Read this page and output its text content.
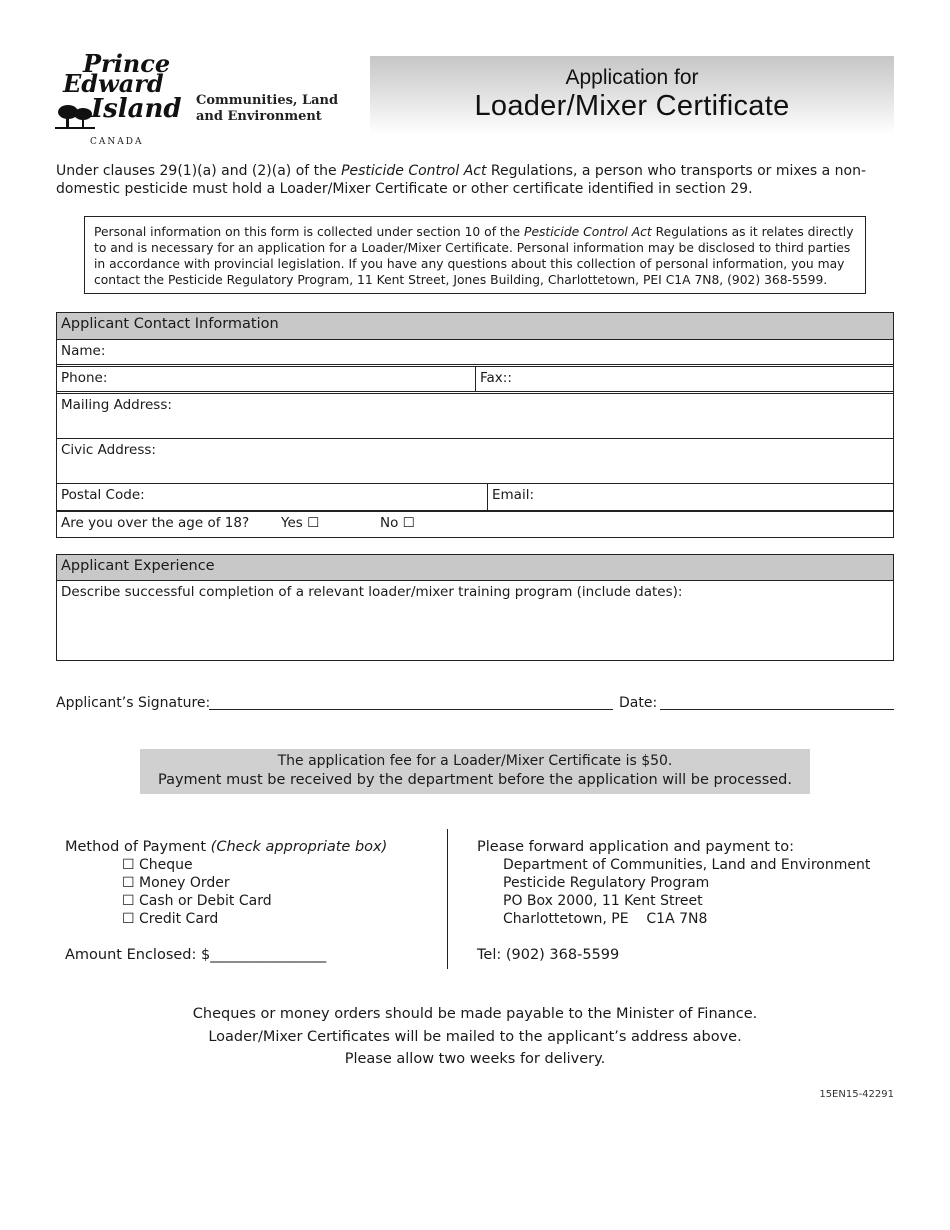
Prince
Edward
Island
CANADA
Communities, Land
and Environment
Application for
Loader/Mixer Certificate
Under clauses 29(1)(a) and (2)(a) of the Pesticide Control Act Regulations, a person who transports or mixes a non-domestic pesticide must hold a Loader/Mixer Certificate or other certificate identified in section 29.
Personal information on this form is collected under section 10 of the Pesticide Control Act Regulations as it relates directly to and is necessary for an application for a Loader/Mixer Certificate. Personal information may be disclosed to third parties in accordance with provincial legislation. If you have any questions about this collection of personal information, you may contact the Pesticide Regulatory Program, 11 Kent Street, Jones Building, Charlottetown, PEI C1A 7N8, (902) 368-5599.
Applicant Contact Information
Name:
Phone:	Fax::
Mailing Address:
Civic Address:
Postal Code:	Email:
Are you over the age of 18? Yes ☐	No ☐
Applicant Experience
Describe successful completion of a relevant loader/mixer training program (include dates):
Applicant’s Signature:	Date:
The application fee for a Loader/Mixer Certificate is $50.
Payment must be received by the department before the application will be processed.
Method of Payment (Check appropriate box)
☐ Cheque
☐ Money Order
☐ Cash or Debit Card
☐ Credit Card
Amount Enclosed: $________________
Please forward application and payment to:
Department of Communities, Land and Environment
Pesticide Regulatory Program
PO Box 2000, 11 Kent Street
Charlottetown, PE    C1A 7N8
Tel: (902) 368-5599
Cheques or money orders should be made payable to the Minister of Finance.
Loader/Mixer Certificates will be mailed to the applicant’s address above.
Please allow two weeks for delivery.
15EN15-42291
